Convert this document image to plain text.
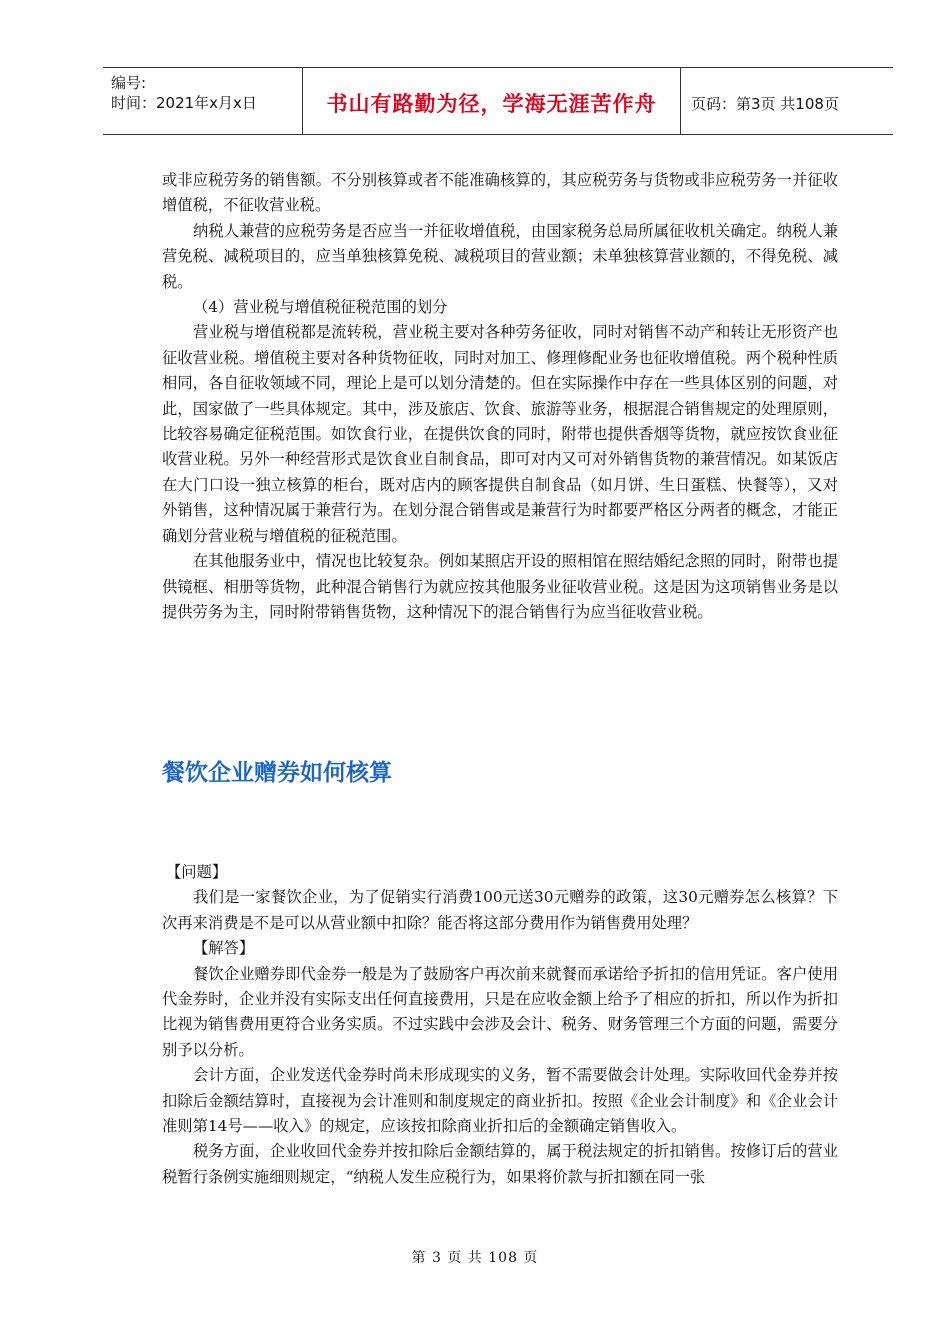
编号:
时间：2021年x月x日	书山有路勤为径，学海无涯苦作舟	页码：第3页 共108页

或非应税劳务的销售额。不分别核算或者不能准确核算的，其应税劳务与货物或非应税劳务一并征收增值税，不征收营业税。

纳税人兼营的应税劳务是否应当一并征收增值税，由国家税务总局所属征收机关确定。纳税人兼营免税、减税项目的，应当单独核算免税、减税项目的营业额；未单独核算营业额的，不得免税、减税。

（4）营业税与增值税征税范围的划分

营业税与增值税都是流转税，营业税主要对各种劳务征收，同时对销售不动产和转让无形资产也征收营业税。增值税主要对各种货物征收，同时对加工、修理修配业务也征收增值税。两个税种性质相同，各自征收领域不同，理论上是可以划分清楚的。但在实际操作中存在一些具体区别的问题，对此，国家做了一些具体规定。其中，涉及旅店、饮食、旅游等业务，根据混合销售规定的处理原则，比较容易确定征税范围。如饮食行业，在提供饮食的同时，附带也提供香烟等货物，就应按饮食业征收营业税。另外一种经营形式是饮食业自制食品，即可对内又可对外销售货物的兼营情况。如某饭店在大门口设一独立核算的柜台，既对店内的顾客提供自制食品（如月饼、生日蛋糕、快餐等），又对外销售，这种情况属于兼营行为。在划分混合销售或是兼营行为时都要严格区分两者的概念，才能正确划分营业税与增值税的征税范围。

在其他服务业中，情况也比较复杂。例如某照店开设的照相馆在照结婚纪念照的同时，附带也提供镜框、相册等货物，此种混合销售行为就应按其他服务业征收营业税。这是因为这项销售业务是以提供劳务为主，同时附带销售货物，这种情况下的混合销售行为应当征收营业税。

餐饮企业赠券如何核算

【问题】

我们是一家餐饮企业，为了促销实行消费100元送30元赠券的政策，这30元赠券怎么核算？下次再来消费是不是可以从营业额中扣除？能否将这部分费用作为销售费用处理？

【解答】

餐饮企业赠券即代金券一般是为了鼓励客户再次前来就餐而承诺给予折扣的信用凭证。客户使用代金券时，企业并没有实际支出任何直接费用，只是在应收金额上给予了相应的折扣，所以作为折扣比视为销售费用更符合业务实质。不过实践中会涉及会计、税务、财务管理三个方面的问题，需要分别予以分析。

会计方面，企业发送代金券时尚未形成现实的义务，暂不需要做会计处理。实际收回代金券并按扣除后金额结算时，直接视为会计准则和制度规定的商业折扣。按照《企业会计制度》和《企业会计准则第14号——收入》的规定，应该按扣除商业折扣后的金额确定销售收入。

税务方面，企业收回代金券并按扣除后金额结算的，属于税法规定的折扣销售。按修订后的营业税暂行条例实施细则规定，“纳税人发生应税行为，如果将价款与折扣额在同一张

第 3 页 共 108 页
